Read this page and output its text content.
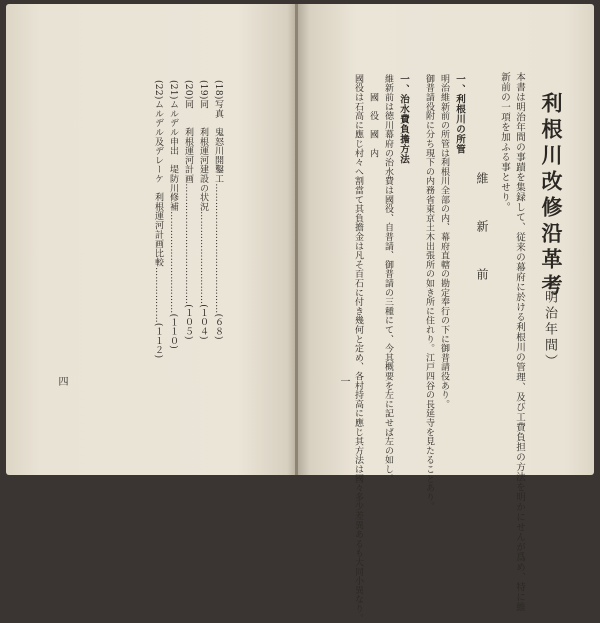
(18)写真　鬼怒川開鑿工……………………………………(６８)
(19)同　　利根運河建設の状況…………………………(１０４)
(20)同　　利根運河計画…………………………………(１０５)
(21)ムルデル申出　堤防川修補……………………………(１１０)
(22)ムルデル及デレーケ　利根運河計画比較………………(１１２)
四
利根川改修沿革考
（明治年間）
本書は明治年間の事蹟を集録して、従来の幕府に於ける利根川の管理、及び工費負担の方法を明かにせんが爲め、特に維
新前の一項を加ふる事とせり。
維　新　前
一、利根川の所管
明治維新前の所管は利根川全部の内、幕府直轄の勘定奉行の下に御普請役あり。
御普請役附に分ち現下の内務省東京土木出張所の如き所に住れり。江戸四谷の長延寺を見たることあり。
一、治水費負擔方法
維新前は徳川幕府の治水費は國役、自普請、御普請の三種にて、今其概要を左に記せば左の如し。
　　國　役　國　内
國役は石高に應じ村々へ割當て其負擔金は凡そ百石に付き幾何と定め、各村持高に應じ其方法は國々多少差異あるも大同小異なり。
一
